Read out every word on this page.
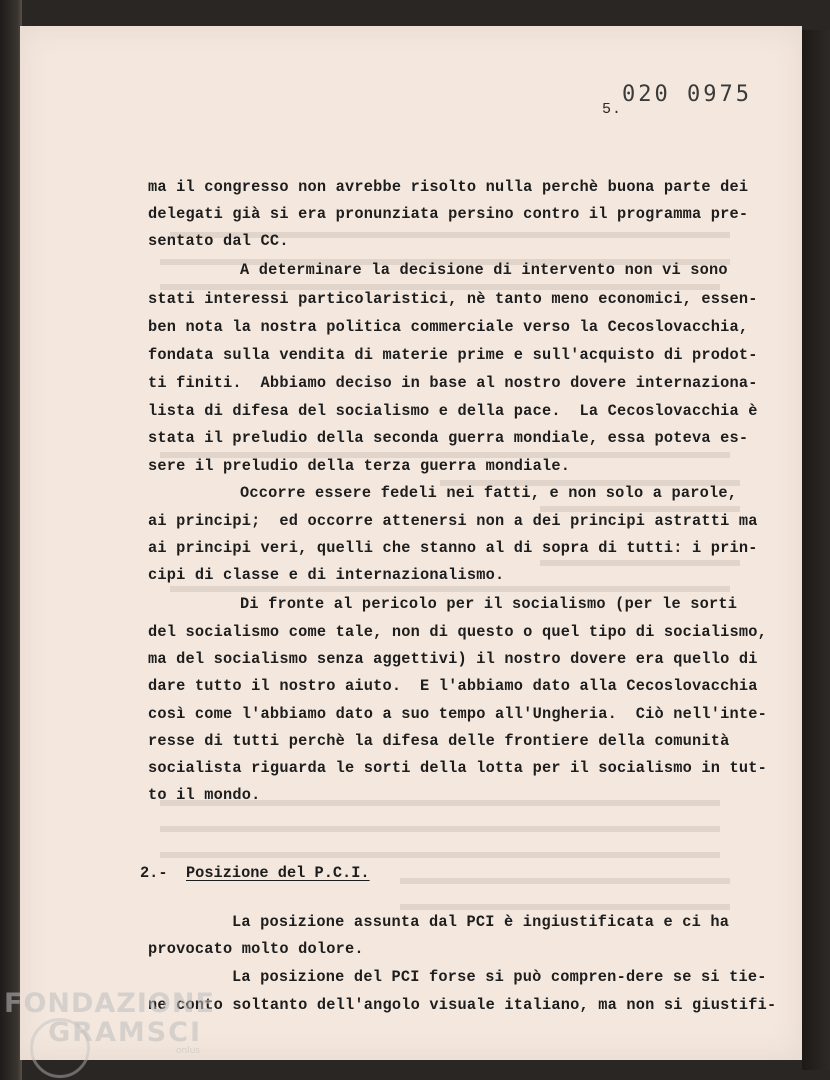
020 0975
5.
ma il congresso non avrebbe risolto nulla perchè buona parte dei
delegati già si era pronunziata persino contro il programma pre-
sentato dal CC.
A determinare la decisione di intervento non vi sono
stati interessi particolaristici, nè tanto meno economici, essen-
ben nota la nostra politica commerciale verso la Cecoslovacchia,
fondata sulla vendita di materie prime e sull'acquisto di prodot-
ti finiti.  Abbiamo deciso in base al nostro dovere internaziona-
lista di difesa del socialismo e della pace.  La Cecoslovacchia è
stata il preludio della seconda guerra mondiale, essa poteva es-
sere il preludio della terza guerra mondiale.
Occorre essere fedeli nei fatti, e non solo a parole,
ai principi;  ed occorre attenersi non a dei principi astratti ma
ai principi veri, quelli che stanno al di sopra di tutti: i prin-
cipi di classe e di internazionalismo.
Di fronte al pericolo per il socialismo (per le sorti
del socialismo come tale, non di questo o quel tipo di socialismo,
ma del socialismo senza aggettivi) il nostro dovere era quello di
dare tutto il nostro aiuto.  E l'abbiamo dato alla Cecoslovacchia
così come l'abbiamo dato a suo tempo all'Ungheria.  Ciò nell'inte-
resse di tutti perchè la difesa delle frontiere della comunità
socialista riguarda le sorti della lotta per il socialismo in tut-
to il mondo.
2.- Posizione del P.C.I.
La posizione assunta dal PCI è ingiustificata e ci ha
provocato molto dolore.
La posizione del PCI forse si può compren-dere se si tie-
ne conto soltanto dell'angolo visuale italiano, ma non si giustifi-
FONDAZIONE
GRAMSCI
onlus
